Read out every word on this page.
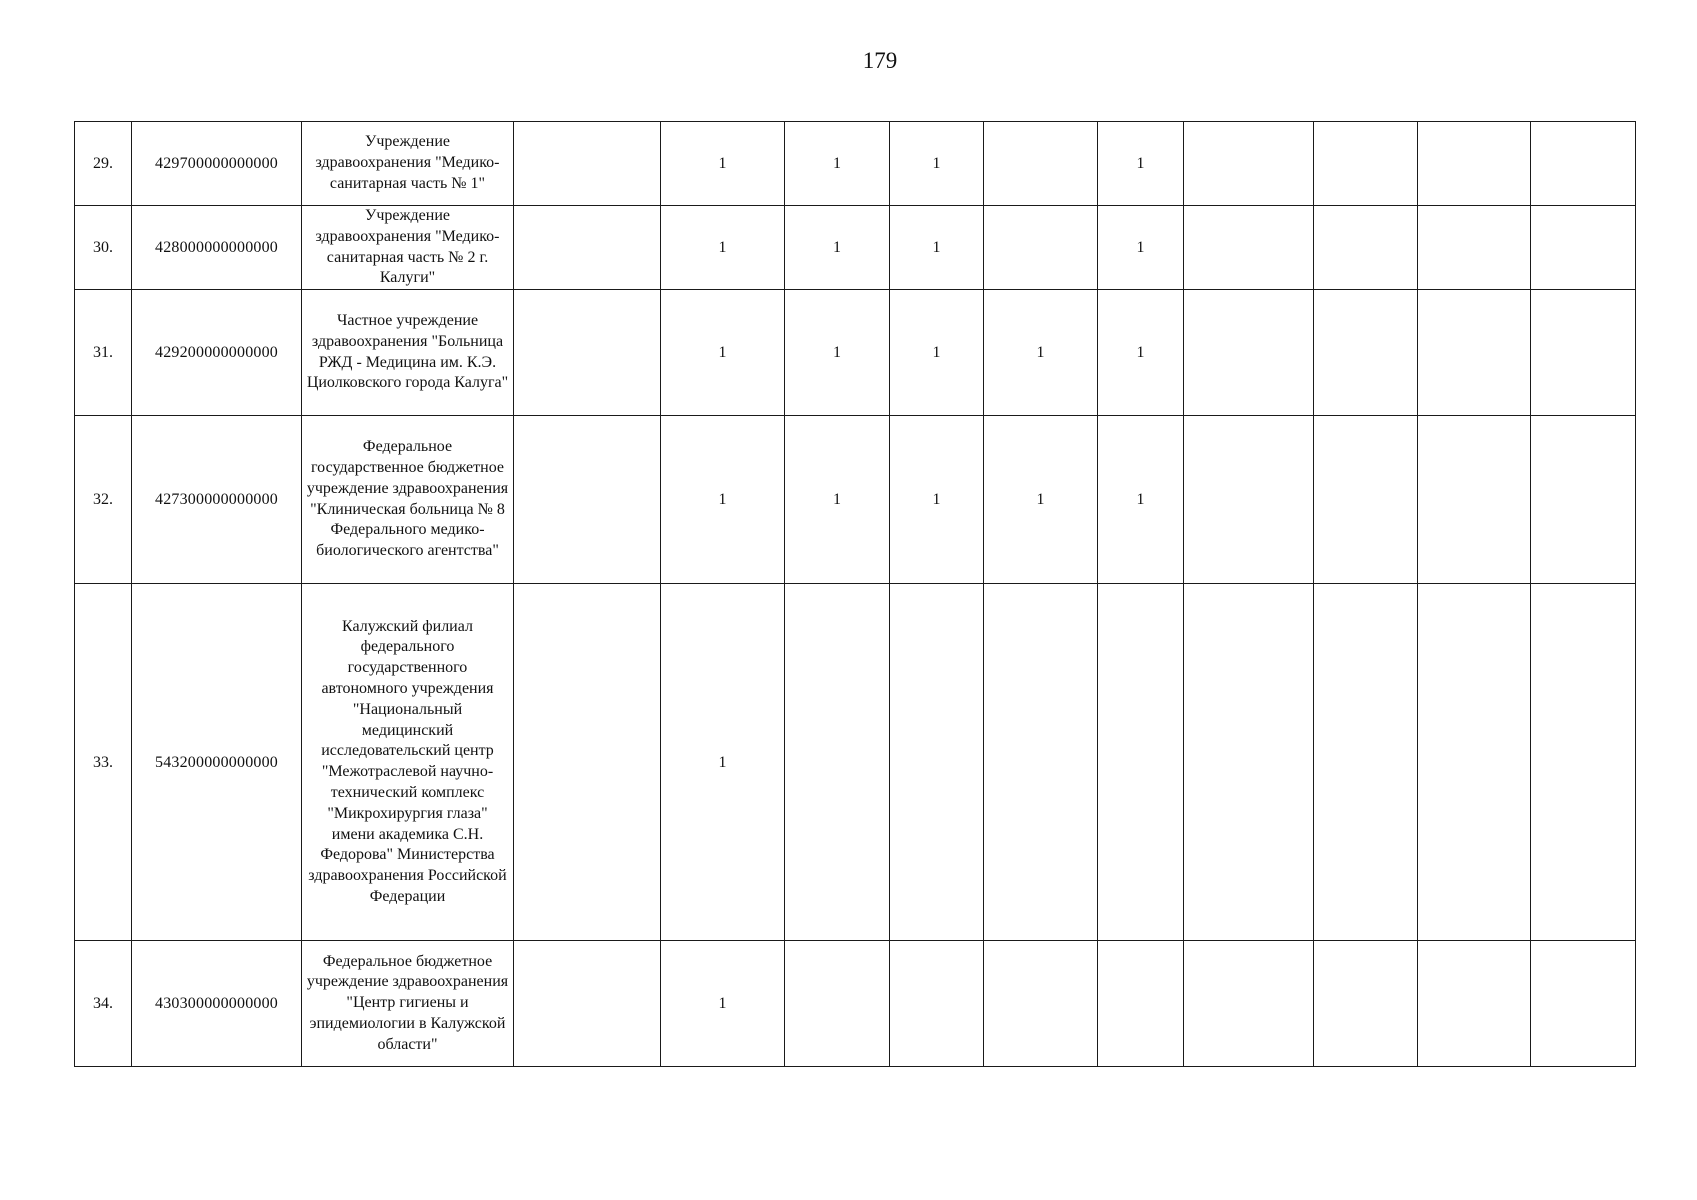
179
29.	429700000000000	Учреждение здравоохранения "Медико-санитарная часть № 1"		1	1	1		1				
30.	428000000000000	Учреждение здравоохранения "Медико-санитарная часть № 2 г. Калуги"		1	1	1		1				
31.	429200000000000	Частное учреждение здравоохранения "Больница РЖД - Медицина им. К.Э. Циолковского города Калуга"		1	1	1	1	1				
32.	427300000000000	Федеральное государственное бюджетное учреждение здравоохранения "Клиническая больница № 8 Федерального медико-биологического агентства"		1	1	1	1	1				
33.	543200000000000	Калужский филиал федерального государственного автономного учреждения "Национальный медицинский исследовательский центр "Межотраслевой научно-технический комплекс "Микрохирургия глаза" имени академика С.Н. Федорова" Министерства здравоохранения Российской Федерации		1								
34.	430300000000000	Федеральное бюджетное учреждение здравоохранения "Центр гигиены и эпидемиологии в Калужской области"		1								
